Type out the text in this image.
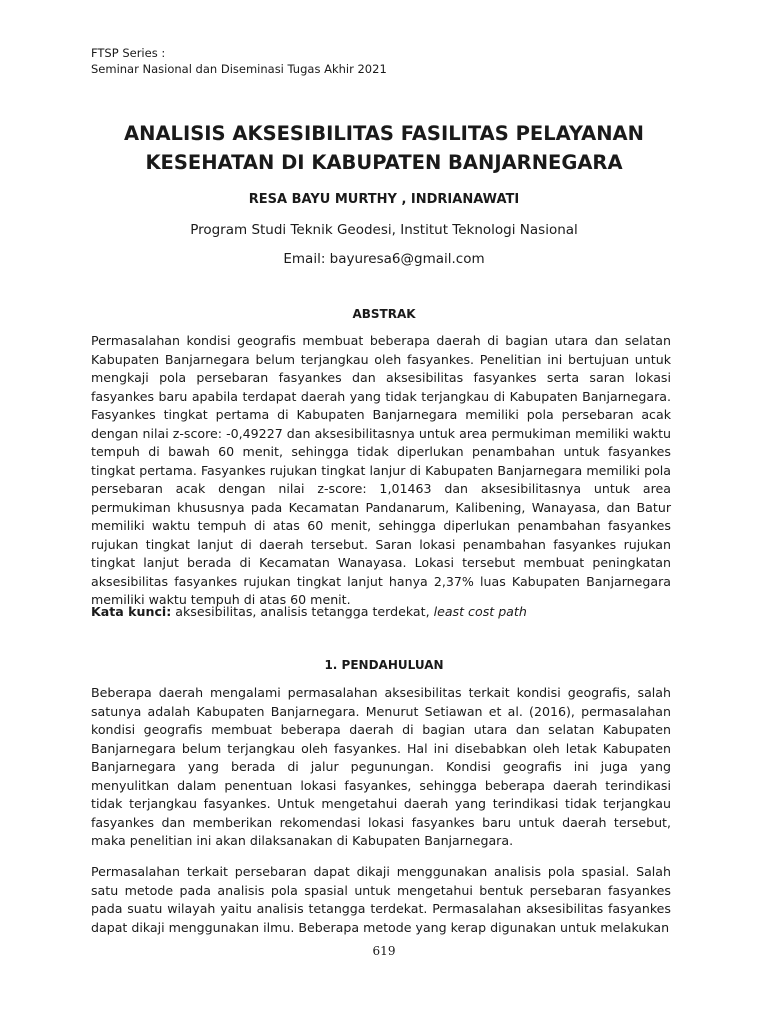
FTSP Series :
Seminar Nasional dan Diseminasi Tugas Akhir 2021
ANALISIS AKSESIBILITAS FASILITAS PELAYANAN
KESEHATAN DI KABUPATEN BANJARNEGARA
RESA BAYU MURTHY , INDRIANAWATI
Program Studi Teknik Geodesi, Institut Teknologi Nasional
Email: bayuresa6@gmail.com
ABSTRAK

Permasalahan kondisi geografis membuat beberapa daerah di bagian utara dan selatan Kabupaten Banjarnegara belum terjangkau oleh fasyankes. Penelitian ini bertujuan untuk mengkaji pola persebaran fasyankes dan aksesibilitas fasyankes serta saran lokasi fasyankes baru apabila terdapat daerah yang tidak terjangkau di Kabupaten Banjarnegara. Fasyankes tingkat pertama di Kabupaten Banjarnegara memiliki pola persebaran acak dengan nilai z-score: -0,49227 dan aksesibilitasnya untuk area permukiman memiliki waktu tempuh di bawah 60 menit, sehingga tidak diperlukan penambahan untuk fasyankes tingkat pertama. Fasyankes rujukan tingkat lanjur di Kabupaten Banjarnegara memiliki pola persebaran acak dengan nilai z-score: 1,01463 dan aksesibilitasnya untuk area permukiman khususnya pada Kecamatan Pandanarum, Kalibening, Wanayasa, dan Batur memiliki waktu tempuh di atas 60 menit, sehingga diperlukan penambahan fasyankes rujukan tingkat lanjut di daerah tersebut. Saran lokasi penambahan fasyankes rujukan tingkat lanjut berada di Kecamatan Wanayasa. Lokasi tersebut membuat peningkatan aksesibilitas fasyankes rujukan tingkat lanjut hanya 2,37% luas Kabupaten Banjarnegara memiliki waktu tempuh di atas 60 menit.

Kata kunci: aksesibilitas, analisis tetangga terdekat, least cost path
1. PENDAHULUAN

Beberapa daerah mengalami permasalahan aksesibilitas terkait kondisi geografis, salah satunya adalah Kabupaten Banjarnegara. Menurut Setiawan et al. (2016), permasalahan kondisi geografis membuat beberapa daerah di bagian utara dan selatan Kabupaten Banjarnegara belum terjangkau oleh fasyankes. Hal ini disebabkan oleh letak Kabupaten Banjarnegara yang berada di jalur pegunungan. Kondisi geografis ini juga yang menyulitkan dalam penentuan lokasi fasyankes, sehingga beberapa daerah terindikasi tidak terjangkau fasyankes. Untuk mengetahui daerah yang terindikasi tidak terjangkau fasyankes dan memberikan rekomendasi lokasi fasyankes baru untuk daerah tersebut, maka penelitian ini akan dilaksanakan di Kabupaten Banjarnegara.

Permasalahan terkait persebaran dapat dikaji menggunakan analisis pola spasial. Salah satu metode pada analisis pola spasial untuk mengetahui bentuk persebaran fasyankes pada suatu wilayah yaitu analisis tetangga terdekat. Permasalahan aksesibilitas fasyankes dapat dikaji menggunakan ilmu. Beberapa metode yang kerap digunakan untuk melakukan

619
